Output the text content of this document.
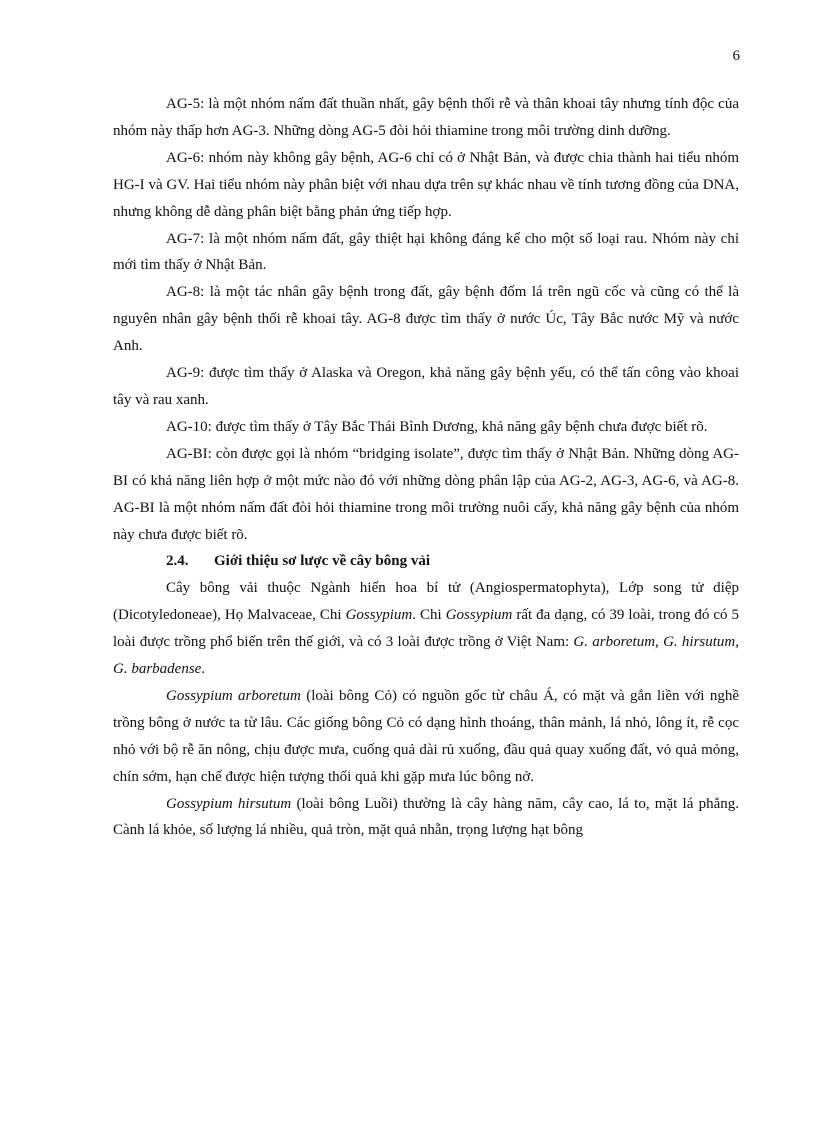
6

AG-5: là một nhóm nấm đất thuần nhất, gây bệnh thối rễ và thân khoai tây nhưng tính độc của nhóm này thấp hơn AG-3. Những dòng AG-5 đòi hỏi thiamine trong môi trường dinh dưỡng.

AG-6: nhóm này không gây bệnh, AG-6 chỉ có ở Nhật Bản, và được chia thành hai tiểu nhóm HG-I và GV. Hai tiểu nhóm này phân biệt với nhau dựa trên sự khác nhau về tính tương đồng của DNA, nhưng không dễ dàng phân biệt bằng phản ứng tiếp hợp.

AG-7: là một nhóm nấm đất, gây thiệt hại không đáng kể cho một số loại rau. Nhóm này chỉ mới tìm thấy ở Nhật Bản.

AG-8: là một tác nhân gây bệnh trong đất, gây bệnh đốm lá trên ngũ cốc và cũng có thể là nguyên nhân gây bệnh thối rễ khoai tây. AG-8 được tìm thấy ở nước Úc, Tây Bắc nước Mỹ và nước Anh.

AG-9: được tìm thấy ở Alaska và Oregon, khả năng gây bệnh yếu, có thể tấn công vào khoai tây và rau xanh.

AG-10: được tìm thấy ở Tây Bắc Thái Bình Dương, khả năng gây bệnh chưa được biết rõ.

AG-BI: còn được gọi là nhóm “bridging isolate”, được tìm thấy ở Nhật Bản. Những dòng AG-BI có khả năng liên hợp ở một mức nào đó với những dòng phân lập của AG-2, AG-3, AG-6, và AG-8. AG-BI là một nhóm nấm đất đòi hỏi thiamine trong môi trường nuôi cấy, khả năng gây bệnh của nhóm này chưa được biết rõ.

2.4. Giới thiệu sơ lược về cây bông vải

Cây bông vải thuộc Ngành hiển hoa bí tử (Angiospermatophyta), Lớp song tử diệp (Dicotyledoneae), Họ Malvaceae, Chi Gossypium. Chi Gossypium rất đa dạng, có 39 loài, trong đó có 5 loài được trồng phổ biến trên thế giới, và có 3 loài được trồng ở Việt Nam: G. arboretum, G. hirsutum, G. barbadense.

Gossypium arboretum (loài bông Cỏ) có nguồn gốc từ châu Á, có mặt và gắn liền với nghề trồng bông ở nước ta từ lâu. Các giống bông Cỏ có dạng hình thoáng, thân mảnh, lá nhỏ, lông ít, rễ cọc nhỏ với bộ rễ ăn nông, chịu được mưa, cuống quả dài rủ xuống, đầu quả quay xuống đất, vỏ quả mỏng, chín sớm, hạn chế được hiện tượng thối quả khi gặp mưa lúc bông nở.

Gossypium hirsutum (loài bông Luồi) thường là cây hàng năm, cây cao, lá to, mặt lá phẳng. Cành lá khỏe, số lượng lá nhiều, quả tròn, mặt quả nhẵn, trọng lượng hạt bông
